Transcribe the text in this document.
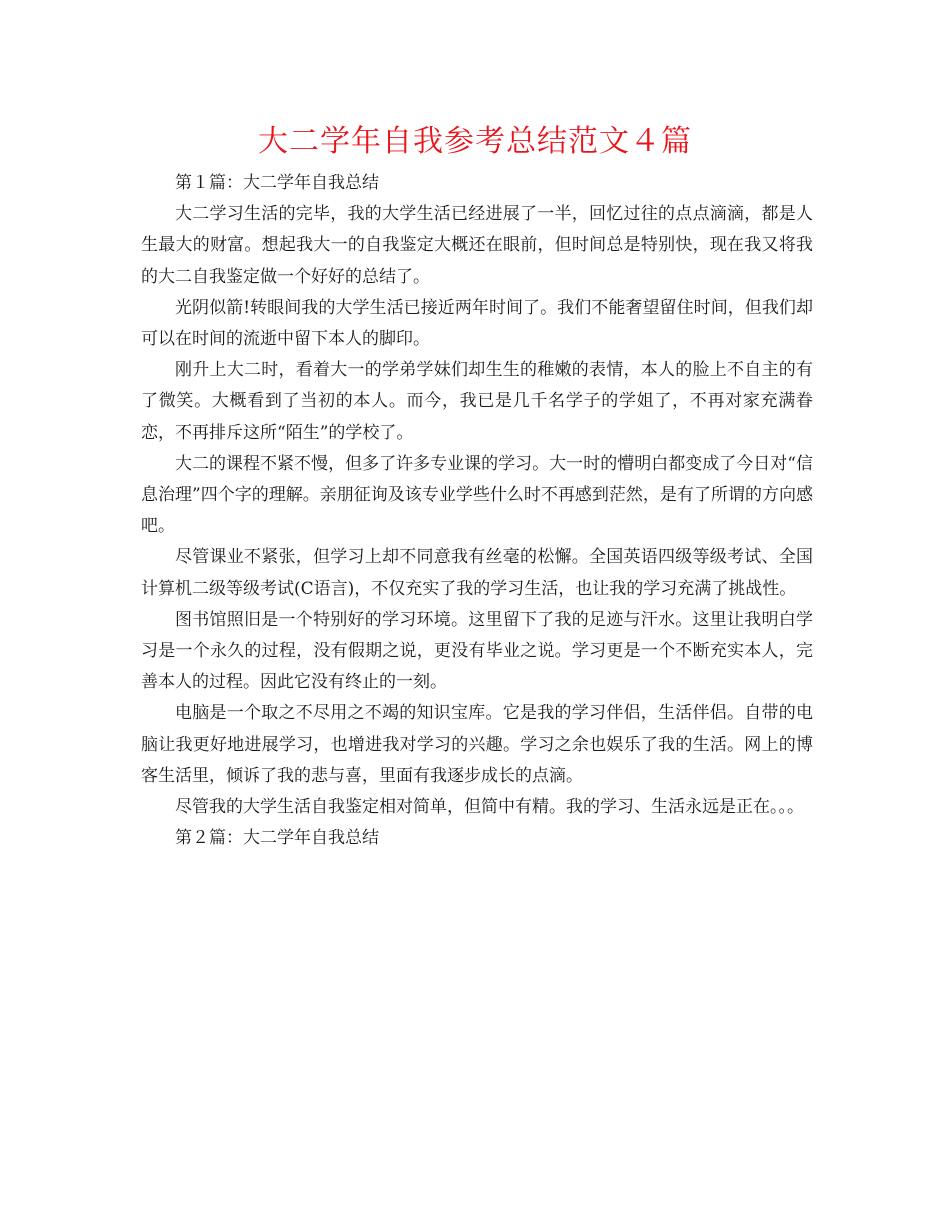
大二学年自我参考总结范文４篇

第１篇：大二学年自我总结

大二学习生活的完毕，我的大学生活已经进展了一半，回忆过往的点点滴滴，都是人生最大的财富。想起我大一的自我鉴定大概还在眼前，但时间总是特别快，现在我又将我的大二自我鉴定做一个好好的总结了。

光阴似箭!转眼间我的大学生活已接近两年时间了。我们不能奢望留住时间，但我们却可以在时间的流逝中留下本人的脚印。

刚升上大二时，看着大一的学弟学妹们却生生的稚嫩的表情，本人的脸上不自主的有了微笑。大概看到了当初的本人。而今，我已是几千名学子的学姐了，不再对家充满眷恋，不再排斥这所“陌生”的学校了。

大二的课程不紧不慢，但多了许多专业课的学习。大一时的懵明白都变成了今日对“信息治理”四个字的理解。亲朋征询及该专业学些什么时不再感到茫然，是有了所谓的方向感吧。

尽管课业不紧张，但学习上却不同意我有丝毫的松懈。全国英语四级等级考试、全国计算机二级等级考试(C语言)，不仅充实了我的学习生活，也让我的学习充满了挑战性。

图书馆照旧是一个特别好的学习环境。这里留下了我的足迹与汗水。这里让我明白学习是一个永久的过程，没有假期之说，更没有毕业之说。学习更是一个不断充实本人，完善本人的过程。因此它没有终止的一刻。

电脑是一个取之不尽用之不竭的知识宝库。它是我的学习伴侣，生活伴侣。自带的电脑让我更好地进展学习，也增进我对学习的兴趣。学习之余也娱乐了我的生活。网上的博客生活里，倾诉了我的悲与喜，里面有我逐步成长的点滴。

尽管我的大学生活自我鉴定相对简单，但简中有精。我的学习、生活永远是正在。。。

第２篇：大二学年自我总结
